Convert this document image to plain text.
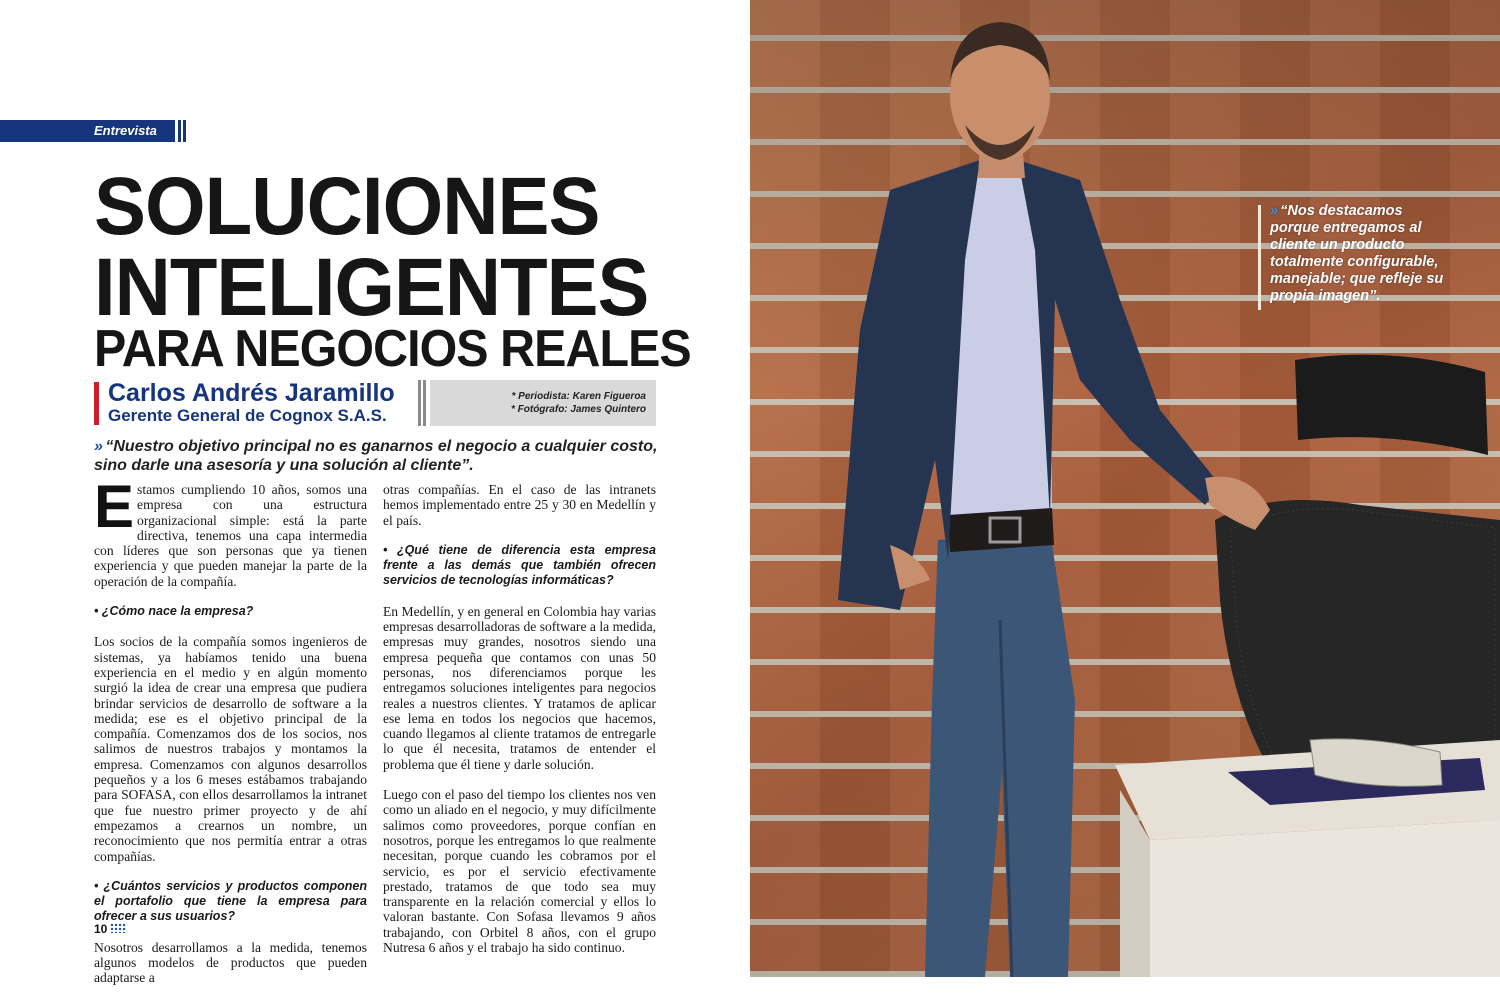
Entrevista
SOLUCIONES
INTELIGENTES
PARA NEGOCIOS REALES
Carlos Andrés Jaramillo
Gerente General de Cognox S.A.S.
* Periodista: Karen Figueroa
* Fotógrafo: James Quintero
» “Nuestro objetivo principal no es ganarnos el negocio a cualquier costo, sino darle una asesoría y una solución al cliente”.

Estamos cumpliendo 10 años, somos una empresa con una estructura organizacional simple: está la parte directiva, tenemos una capa intermedia con líderes que son personas que ya tienen experiencia y que pueden manejar la parte de la operación de la compañía.

• ¿Cómo nace la empresa?

Los socios de la compañía somos ingenieros de sistemas, ya habíamos tenido una buena experiencia en el medio y en algún momento surgió la idea de crear una empresa que pudiera brindar servicios de desarrollo de software a la medida; ese es el objetivo principal de la compañía. Comenzamos dos de los socios, nos salimos de nuestros trabajos y montamos la empresa. Comenzamos con algunos desarrollos pequeños y a los 6 meses estábamos trabajando para SOFASA, con ellos desarrollamos la intranet que fue nuestro primer proyecto y de ahí empezamos a crearnos un nombre, un reconocimiento que nos permitía entrar a otras compañías.

• ¿Cuántos servicios y productos componen el portafolio que tiene la empresa para ofrecer a sus usuarios?

Nosotros desarrollamos a la medida, tenemos algunos modelos de productos que pueden adaptarse a

otras compañías. En el caso de las intranets hemos implementado entre 25 y 30 en Medellín y el país.

• ¿Qué tiene de diferencia esta empresa frente a las demás que también ofrecen servicios de tecnologías informáticas?

En Medellín, y en general en Colombia hay varias empresas desarrolladoras de software a la medida, empresas muy grandes, nosotros siendo una empresa pequeña que contamos con unas 50 personas, nos diferenciamos porque les entregamos soluciones inteligentes para negocios reales a nuestros clientes. Y tratamos de aplicar ese lema en todos los negocios que hacemos, cuando llegamos al cliente tratamos de entregarle lo que él necesita, tratamos de entender el problema que él tiene y darle solución.

Luego con el paso del tiempo los clientes nos ven como un aliado en el negocio, y muy difícilmente salimos como proveedores, porque confían en nosotros, porque les entregamos lo que realmente necesitan, porque cuando les cobramos por el servicio, es por el servicio efectivamente prestado, tratamos de que todo sea muy transparente en la relación comercial y ellos lo valoran bastante. Con Sofasa llevamos 9 años trabajando, con Orbitel 8 años, con el grupo Nutresa 6 años y el trabajo ha sido continuo.

10
» “Nos destacamos porque entregamos al cliente un producto totalmente configurable, manejable; que refleje su propia imagen”.
